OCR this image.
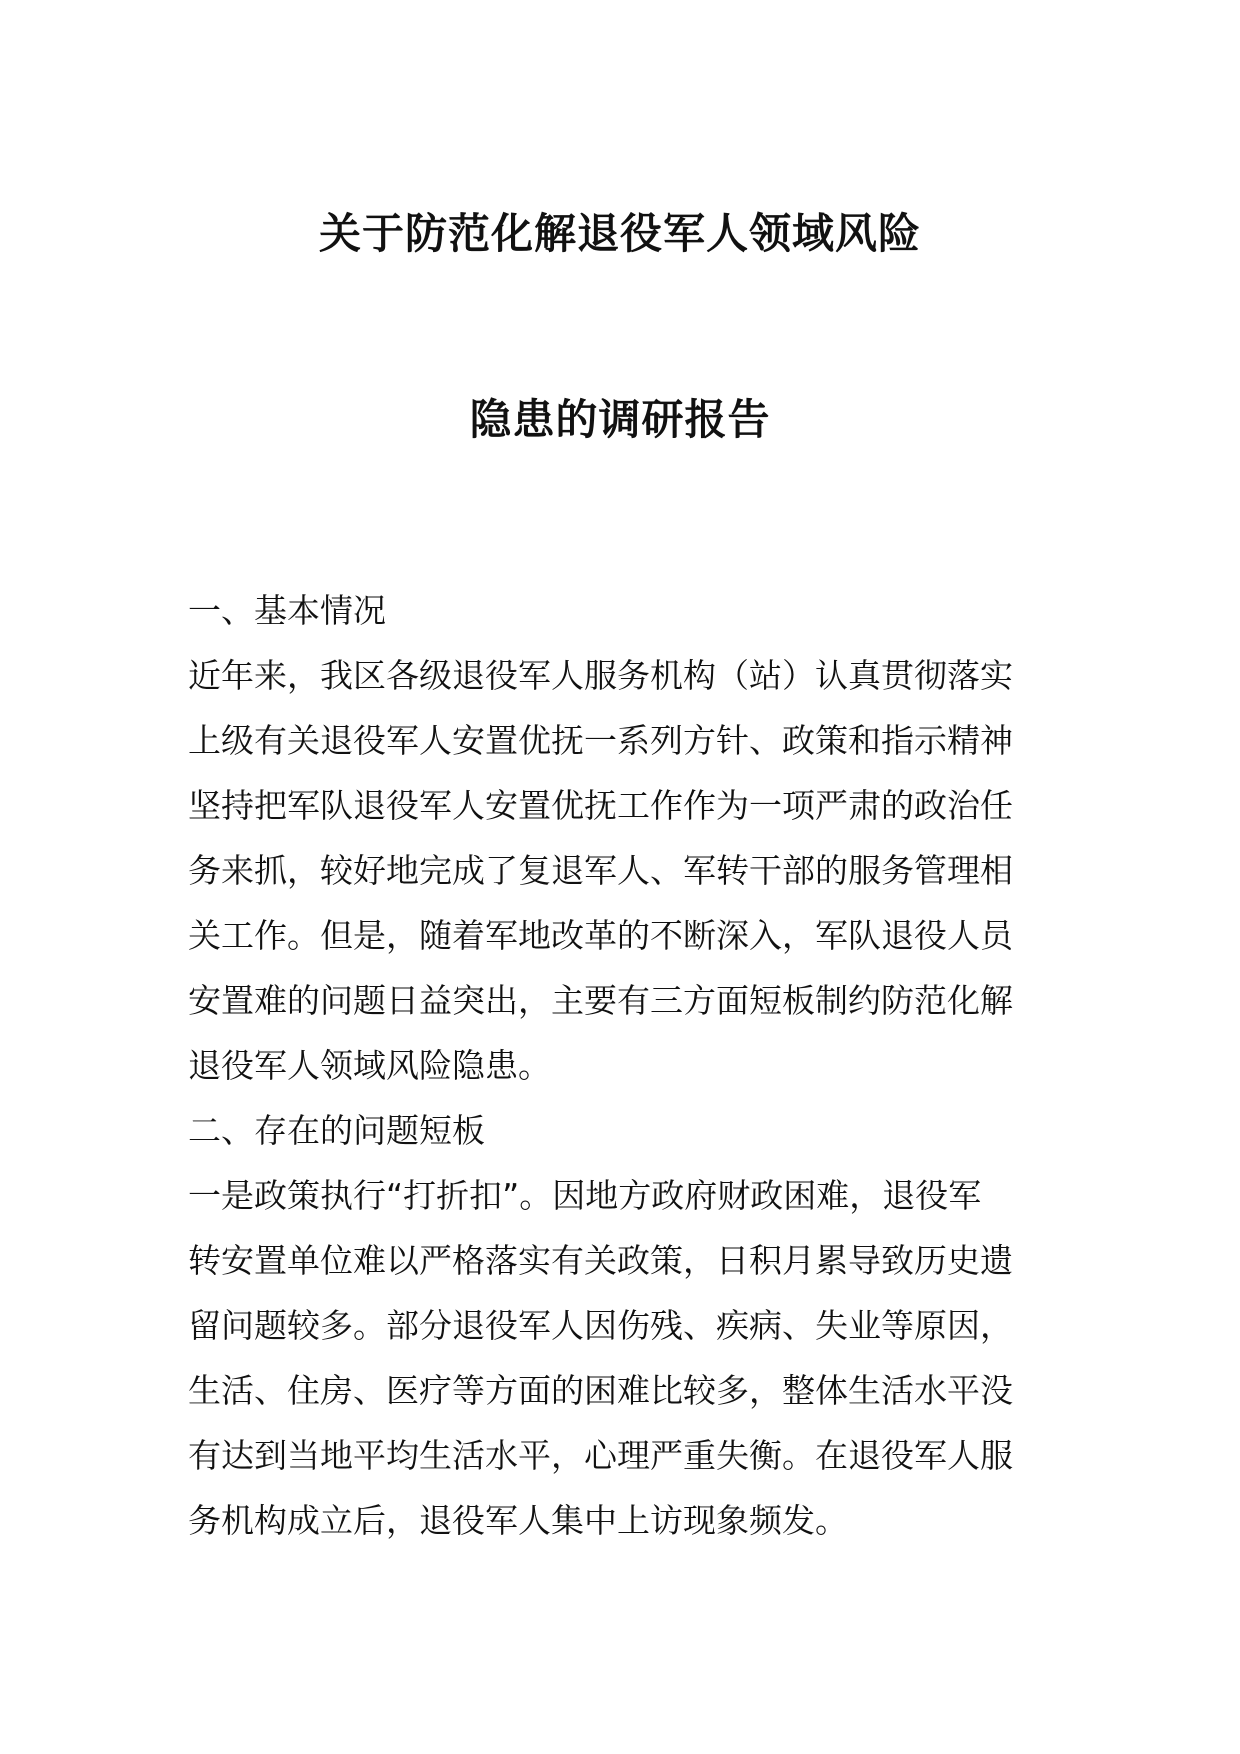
关于防范化解退役军人领域风险
隐患的调研报告
一、基本情况
近年来，我区各级退役军人服务机构（站）认真贯彻落实
上级有关退役军人安置优抚一系列方针、政策和指示精神
坚持把军队退役军人安置优抚工作作为一项严肃的政治任
务来抓，较好地完成了复退军人、军转干部的服务管理相
关工作。但是，随着军地改革的不断深入，军队退役人员
安置难的问题日益突出，主要有三方面短板制约防范化解
退役军人领域风险隐患。
二、存在的问题短板
一是政策执行“打折扣”。因地方政府财政困难，退役军
转安置单位难以严格落实有关政策，日积月累导致历史遗
留问题较多。部分退役军人因伤残、疾病、失业等原因，
生活、住房、医疗等方面的困难比较多，整体生活水平没
有达到当地平均生活水平，心理严重失衡。在退役军人服
务机构成立后，退役军人集中上访现象频发。
